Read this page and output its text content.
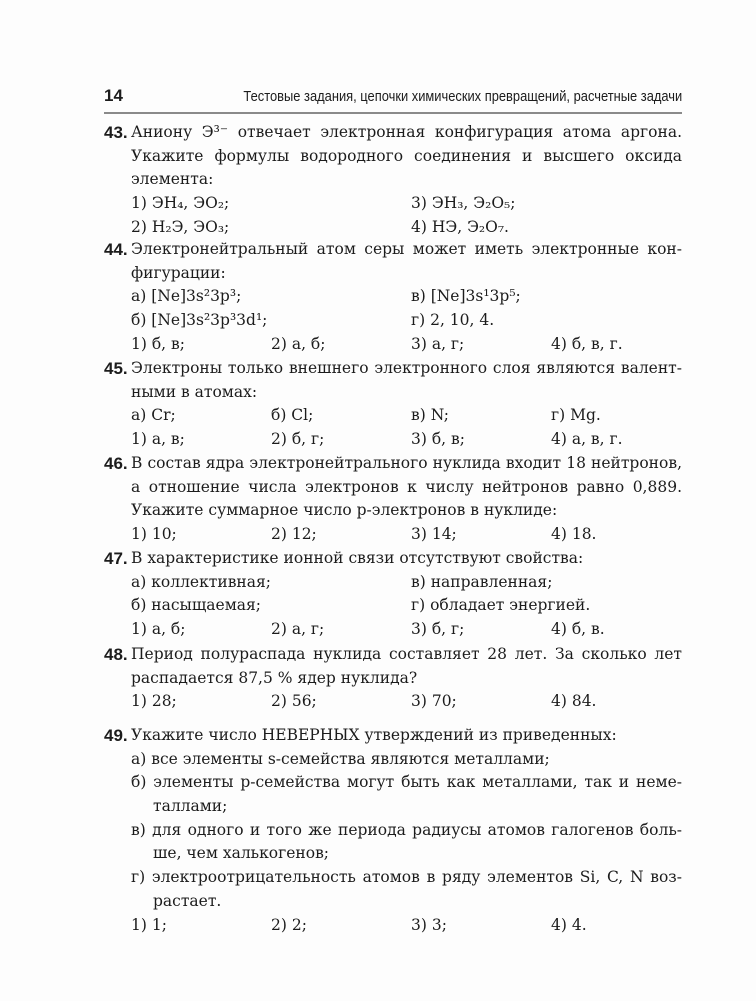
14	Тестовые задания, цепочки химических превращений, расчетные задачи
43. Аниону Э³⁻ отвечает электронная конфигурация атома аргона.
Укажите формулы водородного соединения и высшего оксида
элемента:
1) ЭH₄, ЭO₂;	3) ЭH₃, Э₂O₅;
2) H₂Э, ЭO₃;	4) HЭ, Э₂O₇.
44. Электронейтральный атом серы может иметь электронные кон-
фигурации:
а) [Ne]3s²3p³;	в) [Ne]3s¹3p⁵;
б) [Ne]3s²3p³3d¹;	г) 2, 10, 4.
1) б, в;	2) а, б;	3) а, г;	4) б, в, г.
45. Электроны только внешнего электронного слоя являются валент-
ными в атомах:
а) Cr;	б) Cl;	в) N;	г) Mg.
1) а, в;	2) б, г;	3) б, в;	4) а, в, г.
46. В состав ядра электронейтрального нуклида входит 18 нейтронов,
а отношение числа электронов к числу нейтронов равно 0,889.
Укажите суммарное число p-электронов в нуклиде:
1) 10;	2) 12;	3) 14;	4) 18.
47. В характеристике ионной связи отсутствуют свойства:
а) коллективная;	в) направленная;
б) насыщаемая;	г) обладает энергией.
1) а, б;	2) а, г;	3) б, г;	4) б, в.
48. Период полураспада нуклида составляет 28 лет. За сколько лет
распадается 87,5 % ядер нуклида?
1) 28;	2) 56;	3) 70;	4) 84.
49. Укажите число НЕВЕРНЫХ утверждений из приведенных:
а) все элементы s-семейства являются металлами;
б) элементы p-семейства могут быть как металлами, так и неме-
таллами;
в) для одного и того же периода радиусы атомов галогенов боль-
ше, чем халькогенов;
г) электроотрицательность атомов в ряду элементов Si, C, N воз-
растает.
1) 1;	2) 2;	3) 3;	4) 4.
